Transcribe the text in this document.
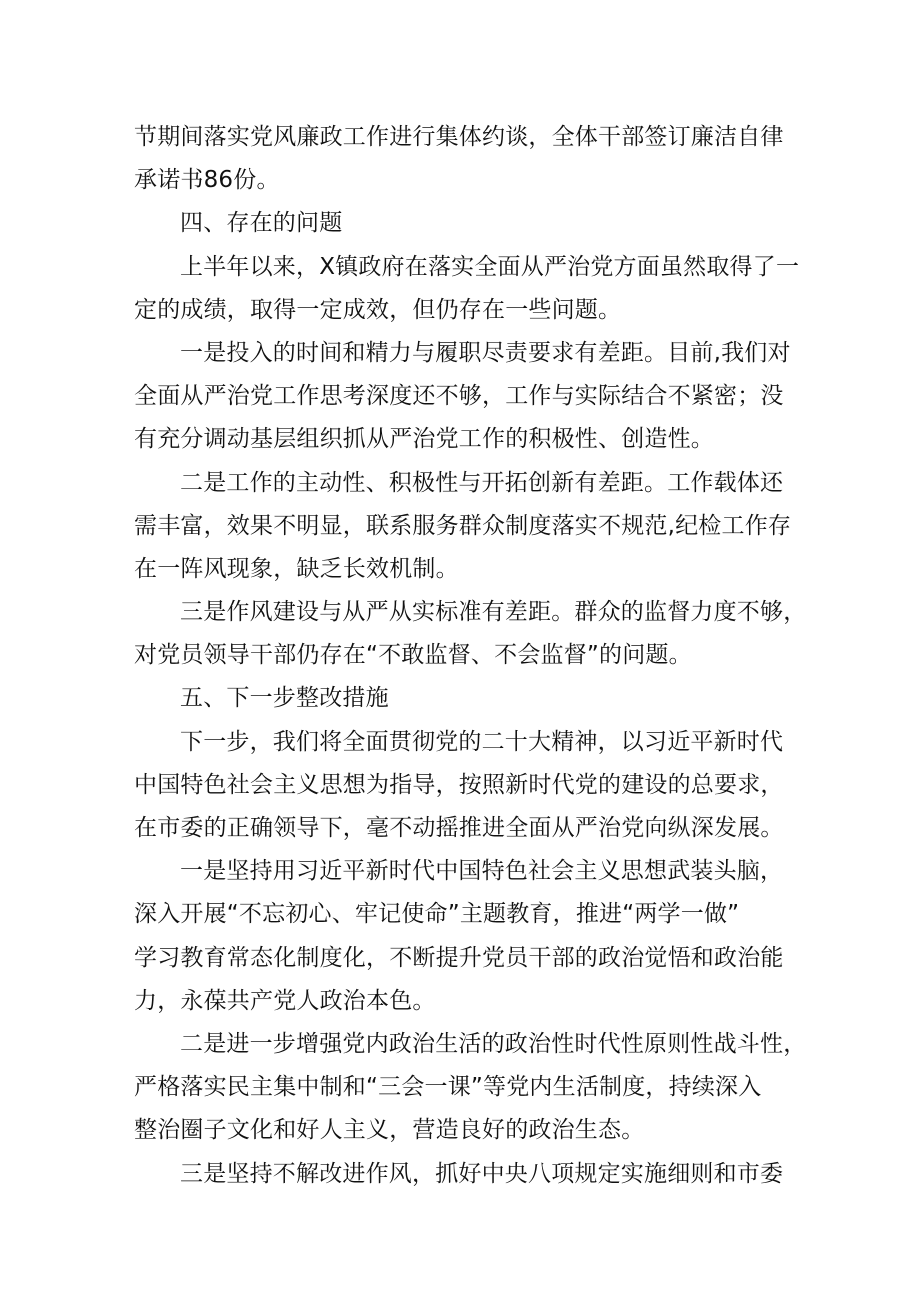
节期间落实党风廉政工作进行集体约谈，全体干部签订廉洁自律
承诺书86份。
四、存在的问题
上半年以来，X镇政府在落实全面从严治党方面虽然取得了一
定的成绩，取得一定成效，但仍存在一些问题。
一是投入的时间和精力与履职尽责要求有差距。目前,我们对
全面从严治党工作思考深度还不够，工作与实际结合不紧密；没
有充分调动基层组织抓从严治党工作的积极性、创造性。
二是工作的主动性、积极性与开拓创新有差距。工作载体还
需丰富，效果不明显，联系服务群众制度落实不规范,纪检工作存
在一阵风现象，缺乏长效机制。
三是作风建设与从严从实标准有差距。群众的监督力度不够，
对党员领导干部仍存在“不敢监督、不会监督”的问题。
五、下一步整改措施
下一步，我们将全面贯彻党的二十大精神，以习近平新时代
中国特色社会主义思想为指导，按照新时代党的建设的总要求，
在市委的正确领导下，毫不动摇推进全面从严治党向纵深发展。
一是坚持用习近平新时代中国特色社会主义思想武装头脑，
深入开展“不忘初心、牢记使命”主题教育，推进“两学一做”
学习教育常态化制度化，不断提升党员干部的政治觉悟和政治能
力，永葆共产党人政治本色。
二是进一步增强党内政治生活的政治性时代性原则性战斗性，
严格落实民主集中制和“三会一课”等党内生活制度，持续深入
整治圈子文化和好人主义，营造良好的政治生态。
三是坚持不解改进作风，抓好中央八项规定实施细则和市委
